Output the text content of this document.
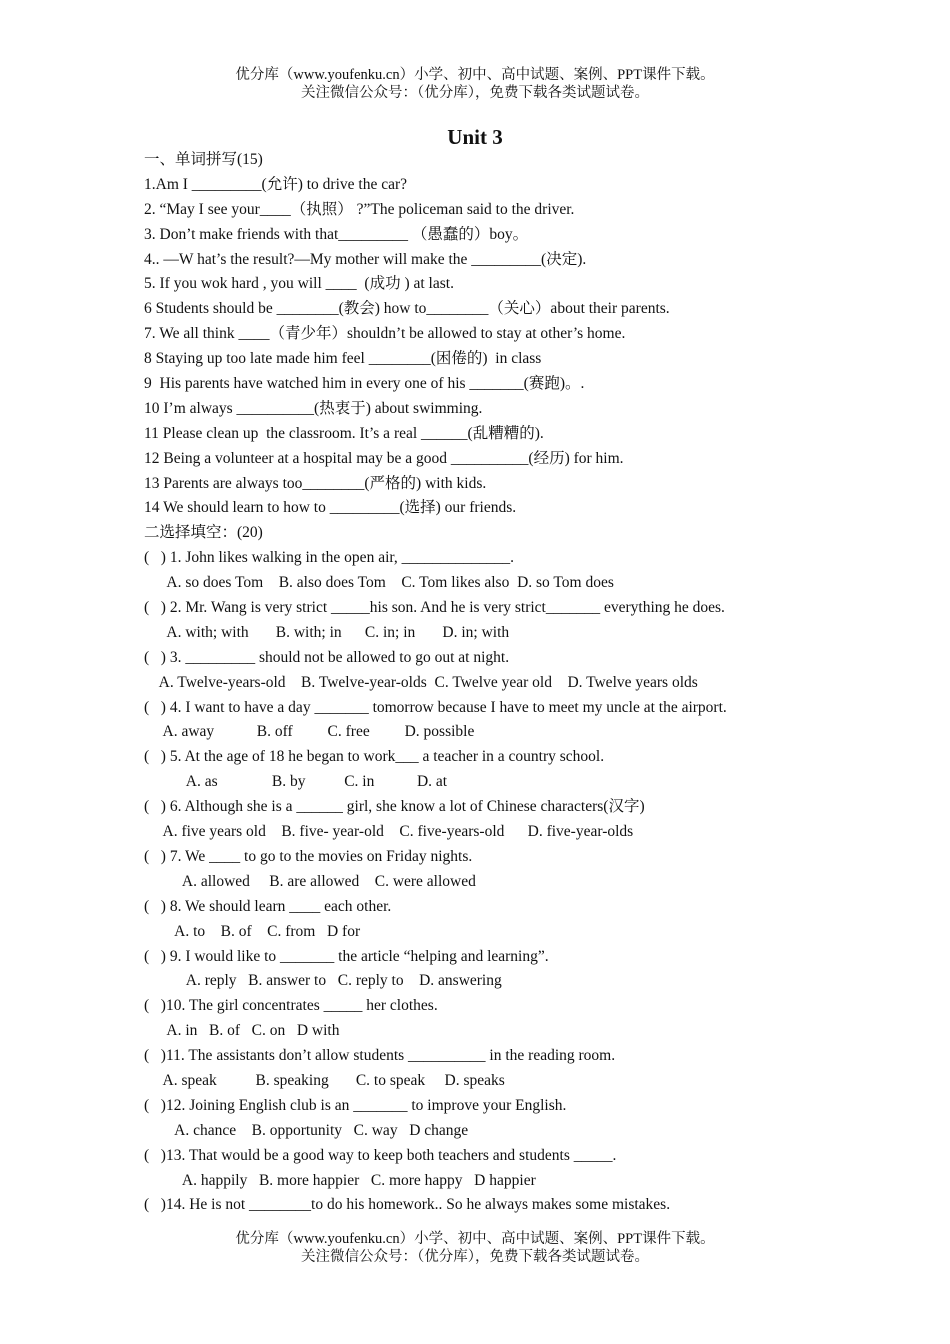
优分库（www.youfenku.cn）小学、初中、高中试题、案例、PPT课件下载。
关注微信公众号：（优分库），免费下载各类试题试卷。
Unit 3
一、单词拼写(15)
1.Am I _________(允许) to drive the car?
2. “May I see your____（执照） ?”The policeman said to the driver.
3. Don’t make friends with that_________ （愚蠢的）boy。
4.. —W hat’s the result?—My mother will make the _________(决定).
5. If you wok hard , you will ____  (成功 ) at last.
6 Students should be ________(教会) how to________（关心）about their parents.
7. We all think ____（青少年）shouldn’t be allowed to stay at other’s home.
8 Staying up too late made him feel ________(困倦的)  in class
9  His parents have watched him in every one of his _______(赛跑)。.
10 I’m always __________(热衷于) about swimming.
11 Please clean up  the classroom. It’s a real ______(乱糟糟的).
12 Being a volunteer at a hospital may be a good __________(经历) for him.
13 Parents are always too________(严格的) with kids.
14 We should learn to how to _________(选择) our friends.
二选择填空：(20)
(   ) 1. John likes walking in the open air, ______________.
A. so does Tom    B. also does Tom    C. Tom likes also  D. so Tom does
(   ) 2. Mr. Wang is very strict _____his son. And he is very strict_______ everything he does.
A. with; with       B. with; in      C. in; in       D. in; with
(   ) 3. _________ should not be allowed to go out at night.
A. Twelve-years-old    B. Twelve-year-olds  C. Twelve year old    D. Twelve years olds
(   ) 4. I want to have a day _______ tomorrow because I have to meet my uncle at the airport.
A. away           B. off         C. free         D. possible
(   ) 5. At the age of 18 he began to work___ a teacher in a country school.
A. as              B. by          C. in           D. at
(   ) 6. Although she is a ______ girl, she know a lot of Chinese characters(汉字)
A. five years old    B. five- year-old    C. five-years-old      D. five-year-olds
(   ) 7. We ____ to go to the movies on Friday nights.
A. allowed     B. are allowed    C. were allowed
(   ) 8. We should learn ____ each other.
A. to    B. of    C. from   D for
(   ) 9. I would like to _______ the article “helping and learning”.
A. reply   B. answer to   C. reply to    D. answering
(   )10. The girl concentrates _____ her clothes.
A. in   B. of   C. on   D with
(   )11. The assistants don’t allow students __________ in the reading room.
A. speak          B. speaking       C. to speak     D. speaks
(   )12. Joining English club is an _______ to improve your English.
A. chance    B. opportunity   C. way   D change
(   )13. That would be a good way to keep both teachers and students _____.
A. happily   B. more happier   C. more happy   D happier
(   )14. He is not ________to do his homework.. So he always makes some mistakes.
优分库（www.youfenku.cn）小学、初中、高中试题、案例、PPT课件下载。
关注微信公众号：（优分库），免费下载各类试题试卷。
